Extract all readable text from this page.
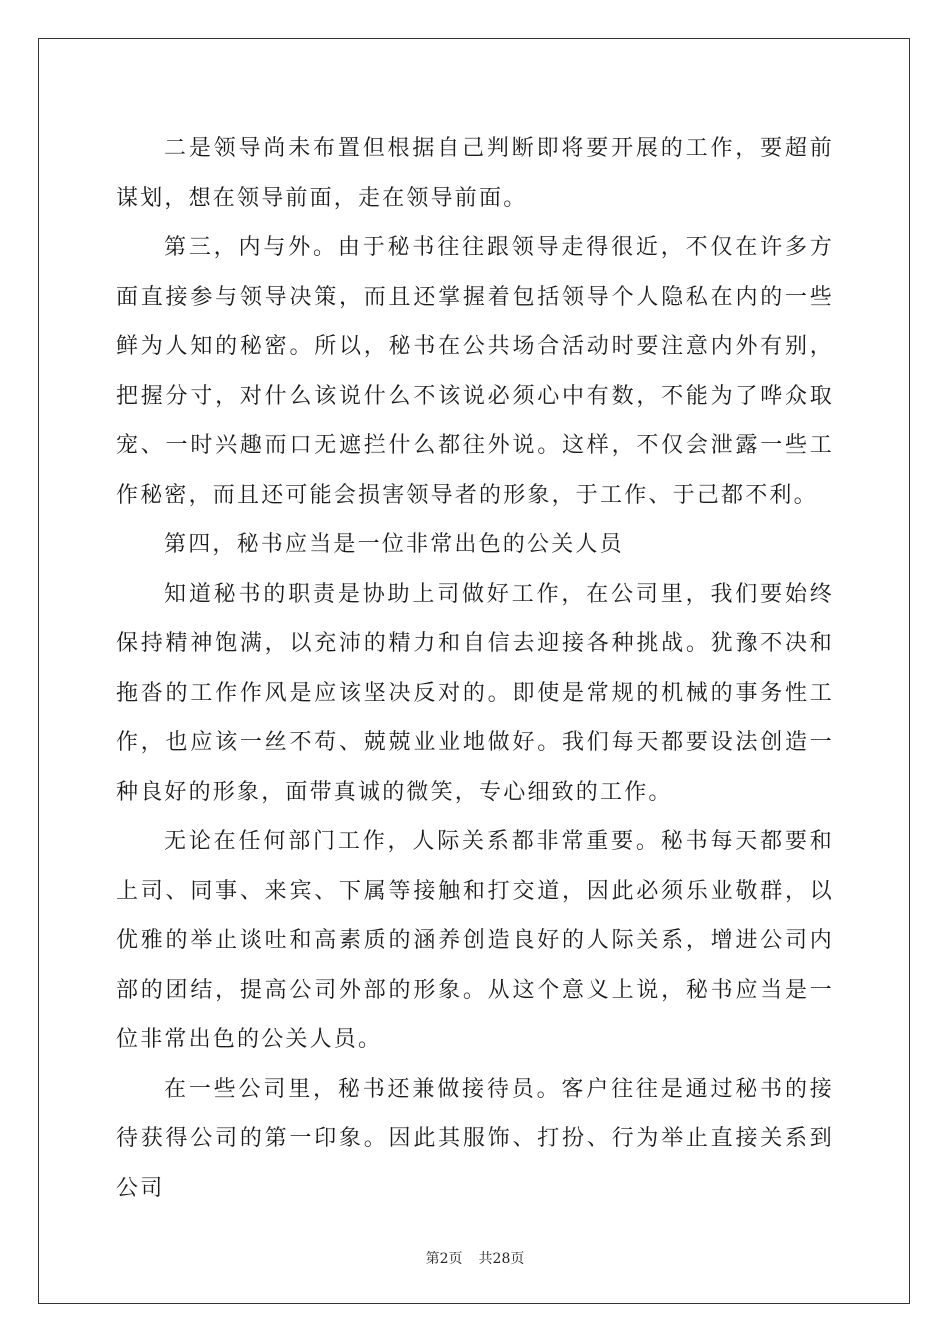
二是领导尚未布置但根据自己判断即将要开展的工作，要超前谋划，想在领导前面，走在领导前面。

第三，内与外。由于秘书往往跟领导走得很近，不仅在许多方面直接参与领导决策，而且还掌握着包括领导个人隐私在内的一些鲜为人知的秘密。所以，秘书在公共场合活动时要注意内外有别，把握分寸，对什么该说什么不该说必须心中有数，不能为了哗众取宠、一时兴趣而口无遮拦什么都往外说。这样，不仅会泄露一些工作秘密，而且还可能会损害领导者的形象，于工作、于己都不利。

第四，秘书应当是一位非常出色的公关人员

知道秘书的职责是协助上司做好工作，在公司里，我们要始终保持精神饱满，以充沛的精力和自信去迎接各种挑战。犹豫不决和拖沓的工作作风是应该坚决反对的。即使是常规的机械的事务性工作，也应该一丝不苟、兢兢业业地做好。我们每天都要设法创造一种良好的形象，面带真诚的微笑，专心细致的工作。

无论在任何部门工作，人际关系都非常重要。秘书每天都要和上司、同事、来宾、下属等接触和打交道，因此必须乐业敬群，以优雅的举止谈吐和高素质的涵养创造良好的人际关系，增进公司内部的团结，提高公司外部的形象。从这个意义上说，秘书应当是一位非常出色的公关人员。

在一些公司里，秘书还兼做接待员。客户往往是通过秘书的接待获得公司的第一印象。因此其服饰、打扮、行为举止直接关系到公司

第2页 共28页
